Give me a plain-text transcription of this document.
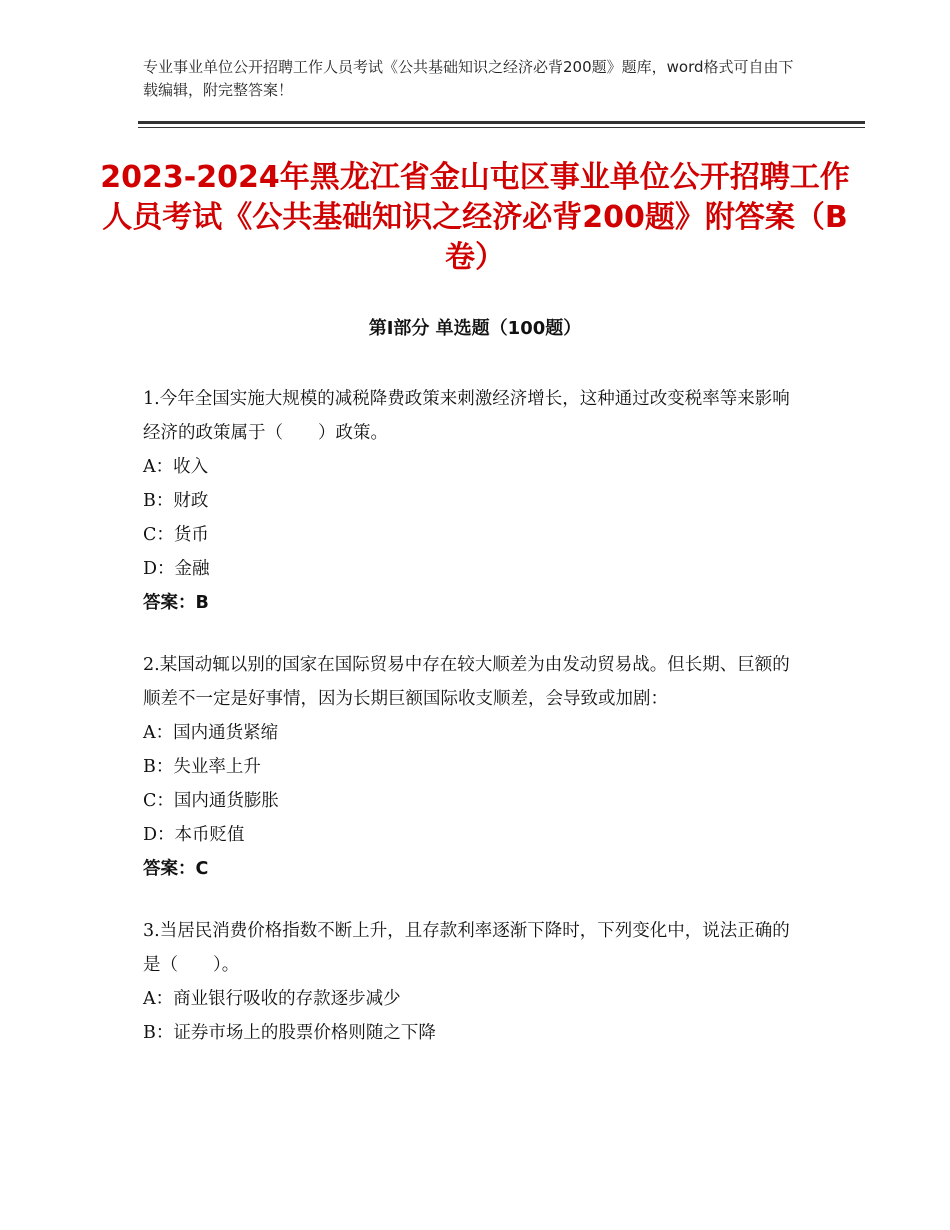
专业事业单位公开招聘工作人员考试《公共基础知识之经济必背200题》题库，word格式可自由下载编辑，附完整答案！
2023-2024年黑龙江省金山屯区事业单位公开招聘工作人员考试《公共基础知识之经济必背200题》附答案（B卷）
第Ⅰ部分 单选题（100题）
1.今年全国实施大规模的减税降费政策来刺激经济增长，这种通过改变税率等来影响经济的政策属于（　　）政策。
A：收入
B：财政
C：货币
D：金融
答案：B
2.某国动辄以别的国家在国际贸易中存在较大顺差为由发动贸易战。但长期、巨额的顺差不一定是好事情，因为长期巨额国际收支顺差，会导致或加剧：
A：国内通货紧缩
B：失业率上升
C：国内通货膨胀
D：本币贬值
答案：C
3.当居民消费价格指数不断上升，且存款利率逐渐下降时，下列变化中，说法正确的是（　　）。
A：商业银行吸收的存款逐步减少
B：证券市场上的股票价格则随之下降
